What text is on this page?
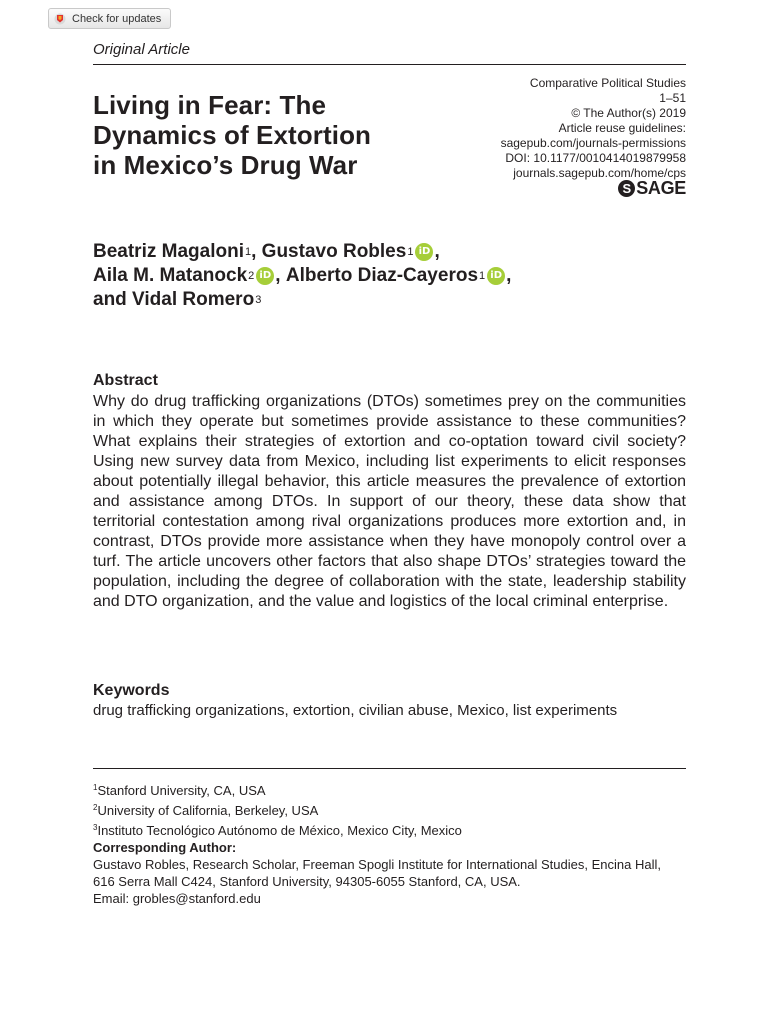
Check for updates
Original Article
Living in Fear: The
Dynamics of Extortion
in Mexico’s Drug War
Comparative Political Studies
1–51
© The Author(s) 2019
Article reuse guidelines:
sagepub.com/journals-permissions
DOI: 10.1177/0010414019879958
journals.sagepub.com/home/cps
S SAGE
Beatriz Magaloni 1 , Gustavo Robles 1 iD ,
Aila M. Matanock 2 iD , Alberto Diaz-Cayeros 1 iD ,
and Vidal Romero 3
Abstract
Why do drug trafficking organizations (DTOs) sometimes prey on the communities in which they operate but sometimes provide assistance to these communities? What explains their strategies of extortion and co-optation toward civil society? Using new survey data from Mexico, including list experiments to elicit responses about potentially illegal behavior, this article measures the prevalence of extortion and assistance among DTOs. In support of our theory, these data show that territorial contestation among rival organizations produces more extortion and, in contrast, DTOs provide more assistance when they have monopoly control over a turf. The article uncovers other factors that also shape DTOs’ strategies toward the population, including the degree of collaboration with the state, leadership stability and DTO organization, and the value and logistics of the local criminal enterprise.
Keywords
drug trafficking organizations, extortion, civilian abuse, Mexico, list experiments
$^1$Stanford University, CA, USA
$^2$University of California, Berkeley, USA
$^3$Instituto Tecnológico Autónomo de México, Mexico City, Mexico
Corresponding Author:
Gustavo Robles, Research Scholar, Freeman Spogli Institute for International Studies, Encina Hall, 616 Serra Mall C424, Stanford University, 94305-6055 Stanford, CA, USA.
Email: grobles@stanford.edu
